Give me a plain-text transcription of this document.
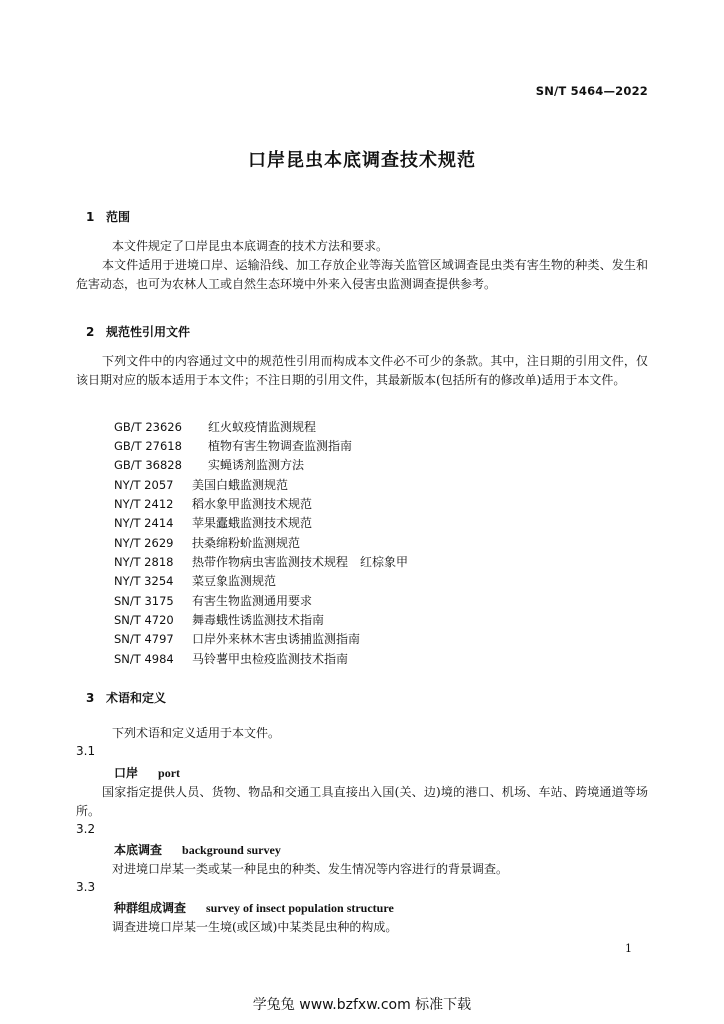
SN/T 5464—2022
口岸昆虫本底调查技术规范
1 范围
本文件规定了口岸昆虫本底调查的技术方法和要求。
本文件适用于进境口岸、运输沿线、加工存放企业等海关监管区域调查昆虫类有害生物的种类、发生和危害动态，也可为农林人工或自然生态环境中外来入侵害虫监测调查提供参考。
2 规范性引用文件
下列文件中的内容通过文中的规范性引用而构成本文件必不可少的条款。其中，注日期的引用文件，仅该日期对应的版本适用于本文件；不注日期的引用文件，其最新版本(包括所有的修改单)适用于本文件。
GB/T 23626 红火蚁疫情监测规程
GB/T 27618 植物有害生物调查监测指南
GB/T 36828 实蝇诱剂监测方法
NY/T 2057 美国白蛾监测规范
NY/T 2412 稻水象甲监测技术规范
NY/T 2414 苹果蠹蛾监测技术规范
NY/T 2629 扶桑绵粉蚧监测规范
NY/T 2818 热带作物病虫害监测技术规程　红棕象甲
NY/T 3254 菜豆象监测规范
SN/T 3175 有害生物监测通用要求
SN/T 4720 舞毒蛾性诱监测技术指南
SN/T 4797 口岸外来林木害虫诱捕监测指南
SN/T 4984 马铃薯甲虫检疫监测技术指南
3 术语和定义
下列术语和定义适用于本文件。
3.1
口岸 port
国家指定提供人员、货物、物品和交通工具直接出入国(关、边)境的港口、机场、车站、跨境通道等场所。
3.2
本底调查 background survey
对进境口岸某一类或某一种昆虫的种类、发生情况等内容进行的背景调查。
3.3
种群组成调查 survey of insect population structure
调查进境口岸某一生境(或区域)中某类昆虫种的构成。
1
学兔兔 www.bzfxw.com 标准下载
